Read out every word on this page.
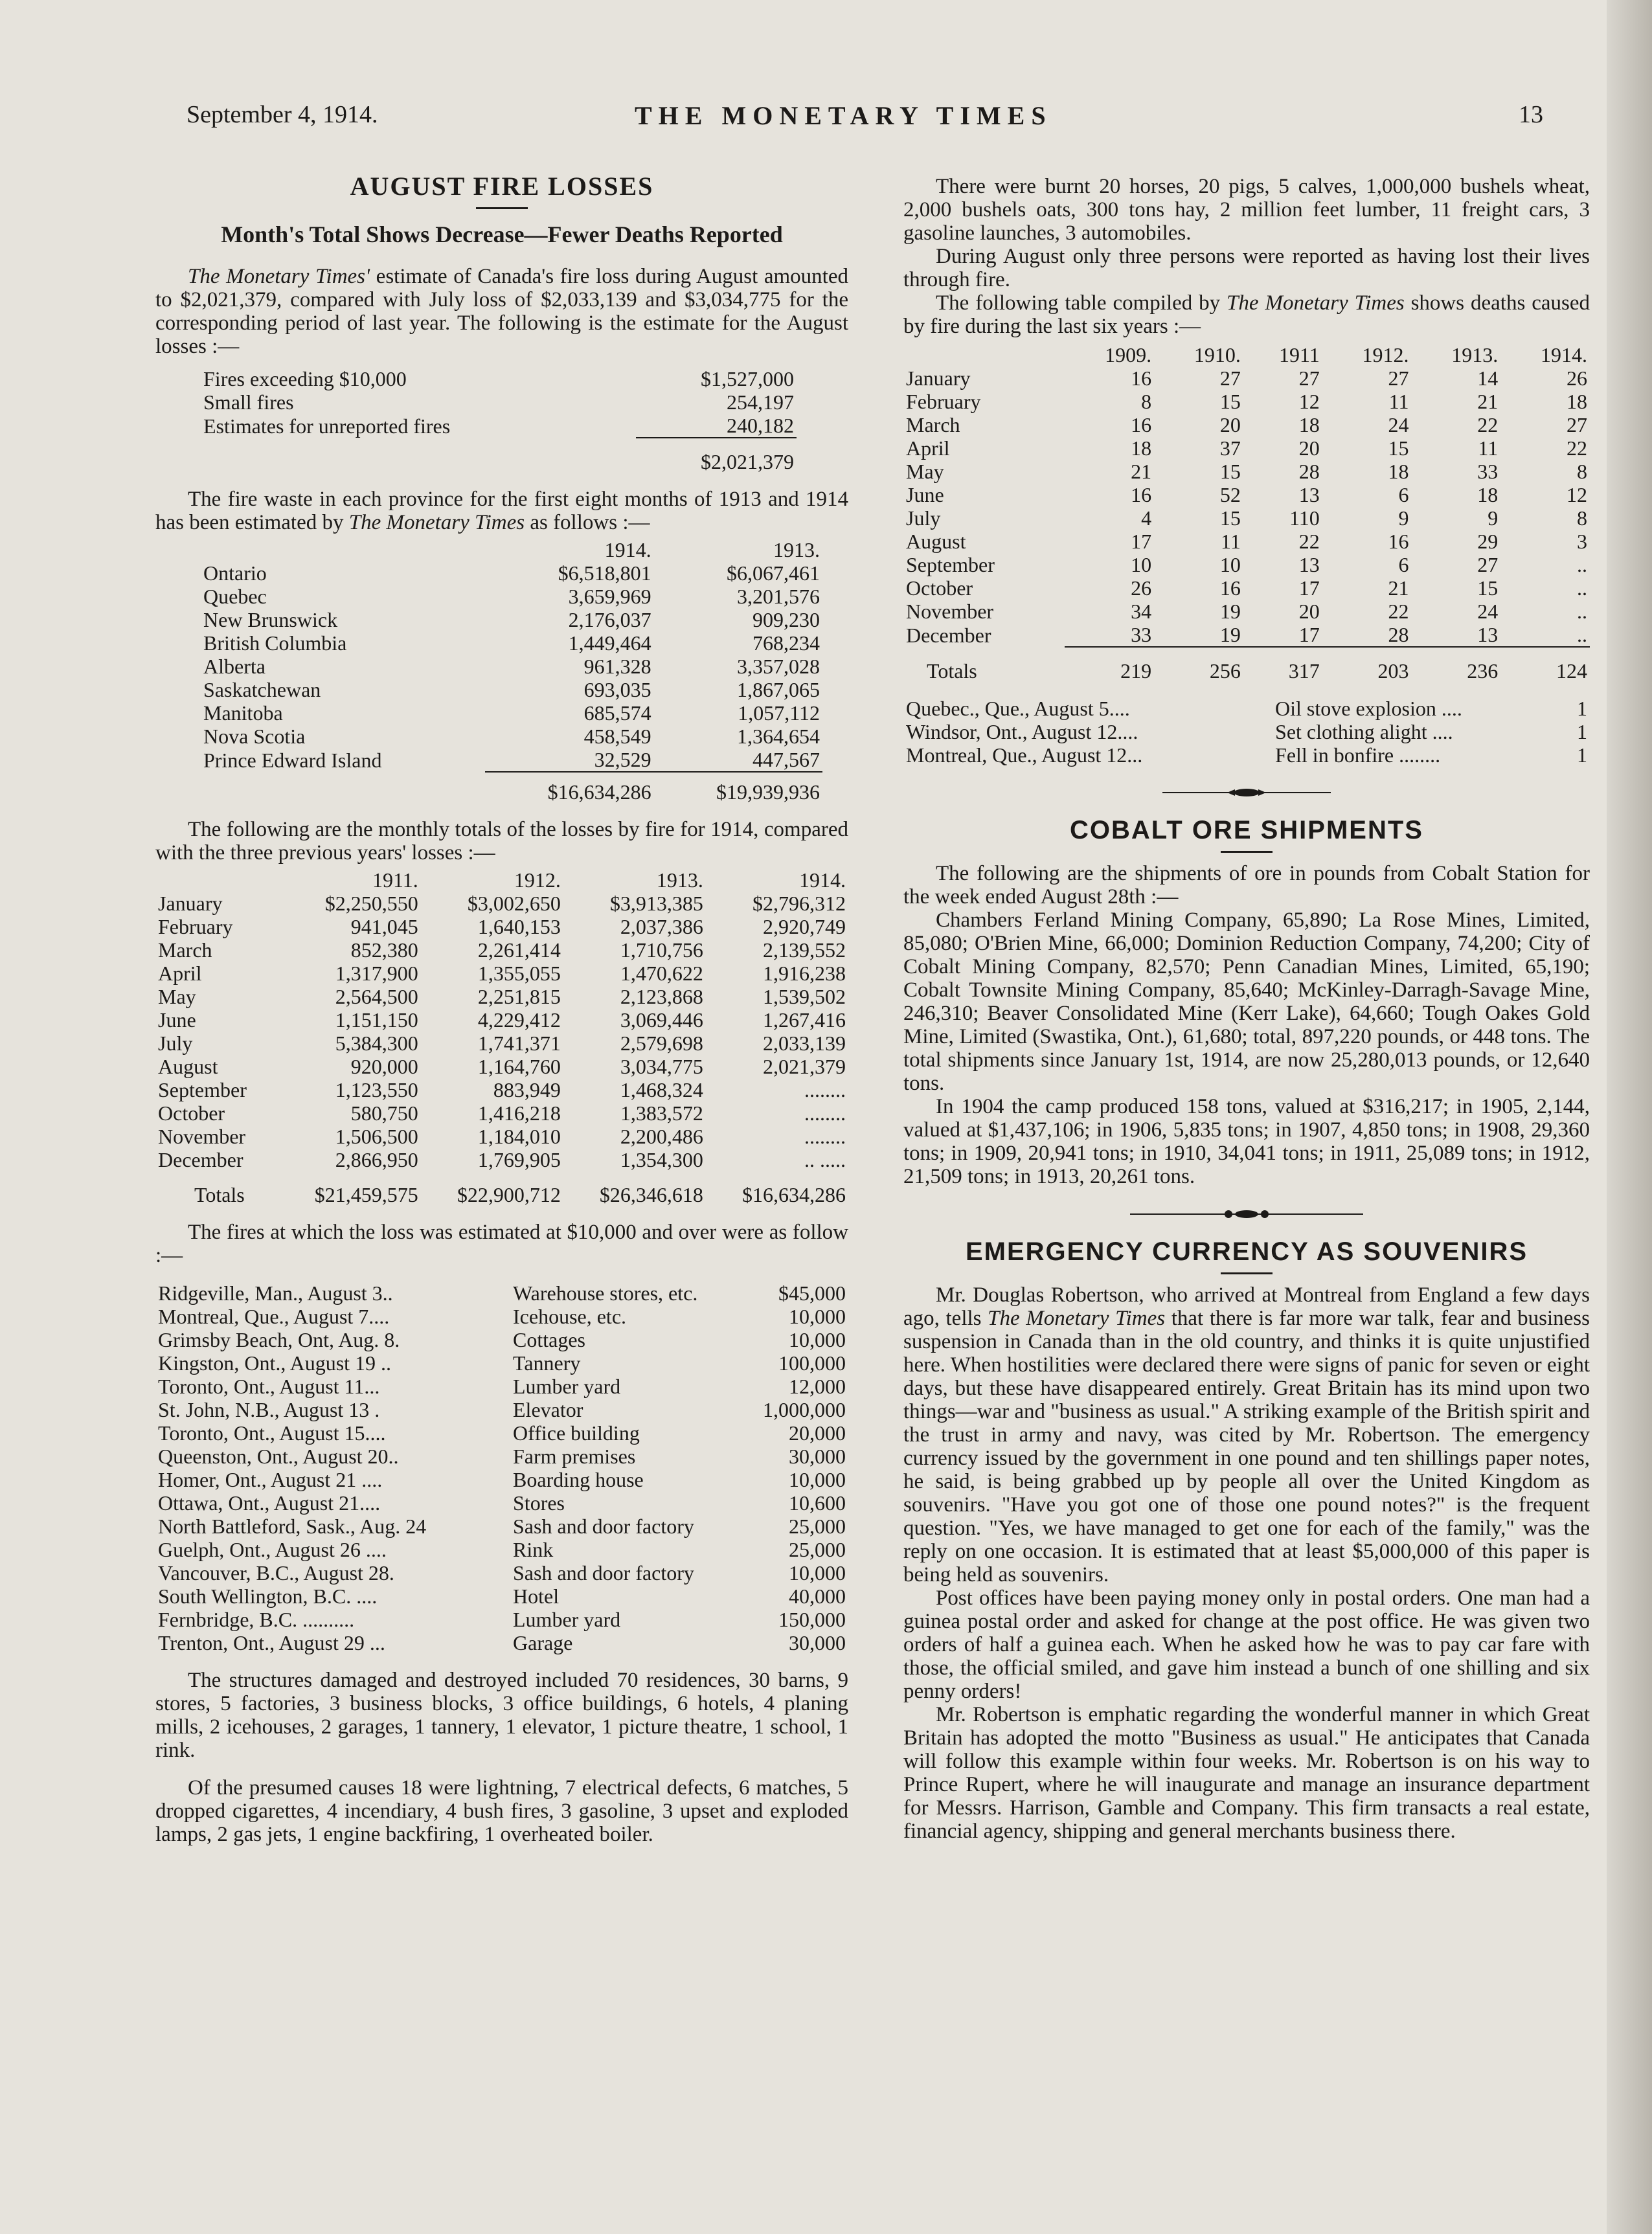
September 4, 1914.	THE MONETARY TIMES	13
AUGUST FIRE LOSSES
Month's Total Shows Decrease—Fewer Deaths Reported

The Monetary Times' estimate of Canada's fire loss during August amounted to $2,021,379, compared with July loss of $2,033,139 and $3,034,775 for the corresponding period of last year. The following is the estimate for the August losses :—

Fires exceeding $10,000	$1,527,000
Small fires	254,197
Estimates for unreported fires	240,182
	$2,021,379

The fire waste in each province for the first eight months of 1913 and 1914 has been estimated by The Monetary Times as follows :—

	1914.	1913.
Ontario	$6,518,801	$6,067,461
Quebec	3,659,969	3,201,576
New Brunswick	2,176,037	909,230
British Columbia	1,449,464	768,234
Alberta	961,328	3,357,028
Saskatchewan	693,035	1,867,065
Manitoba	685,574	1,057,112
Nova Scotia	458,549	1,364,654
Prince Edward Island	32,529	447,567
	$16,634,286	$19,939,936

The following are the monthly totals of the losses by fire for 1914, compared with the three previous years' losses :—

	1911.	1912.	1913.	1914.
January	$2,250,550	$3,002,650	$3,913,385	$2,796,312
February	941,045	1,640,153	2,037,386	2,920,749
March	852,380	2,261,414	1,710,756	2,139,552
April	1,317,900	1,355,055	1,470,622	1,916,238
May	2,564,500	2,251,815	2,123,868	1,539,502
June	1,151,150	4,229,412	3,069,446	1,267,416
July	5,384,300	1,741,371	2,579,698	2,033,139
August	920,000	1,164,760	3,034,775	2,021,379
September	1,123,550	883,949	1,468,324	........
October	580,750	1,416,218	1,383,572	........
November	1,506,500	1,184,010	2,200,486	........
December	2,866,950	1,769,905	1,354,300	.. .....
Totals	$21,459,575	$22,900,712	$26,346,618	$16,634,286

The fires at which the loss was estimated at $10,000 and over were as follow :—

Ridgeville, Man., August 3..	Warehouse stores, etc.	$45,000
Montreal, Que., August 7....	Icehouse, etc.	10,000
Grimsby Beach, Ont, Aug. 8.	Cottages	10,000
Kingston, Ont., August 19 ..	Tannery	100,000
Toronto, Ont., August 11...	Lumber yard	12,000
St. John, N.B., August 13 .	Elevator	1,000,000
Toronto, Ont., August 15....	Office building	20,000
Queenston, Ont., August 20..	Farm premises	30,000
Homer, Ont., August 21 ....	Boarding house	10,000
Ottawa, Ont., August 21....	Stores	10,600
North Battleford, Sask., Aug. 24	Sash and door factory	25,000
Guelph, Ont., August 26 ....	Rink	25,000
Vancouver, B.C., August 28.	Sash and door factory	10,000
South Wellington, B.C. ....	Hotel	40,000
Fernbridge, B.C. ..........	Lumber yard	150,000
Trenton, Ont., August 29 ...	Garage	30,000

The structures damaged and destroyed included 70 residences, 30 barns, 9 stores, 5 factories, 3 business blocks, 3 office buildings, 6 hotels, 4 planing mills, 2 icehouses, 2 garages, 1 tannery, 1 elevator, 1 picture theatre, 1 school, 1 rink.

Of the presumed causes 18 were lightning, 7 electrical defects, 6 matches, 5 dropped cigarettes, 4 incendiary, 4 bush fires, 3 gasoline, 3 upset and exploded lamps, 2 gas jets, 1 engine backfiring, 1 overheated boiler.

There were burnt 20 horses, 20 pigs, 5 calves, 1,000,000 bushels wheat, 2,000 bushels oats, 300 tons hay, 2 million feet lumber, 11 freight cars, 3 gasoline launches, 3 automobiles.

During August only three persons were reported as having lost their lives through fire.

The following table compiled by The Monetary Times shows deaths caused by fire during the last six years :—

	1909.	1910.	1911	1912.	1913.	1914.
January	16	27	27	27	14	26
February	8	15	12	11	21	18
March	16	20	18	24	22	27
April	18	37	20	15	11	22
May	21	15	28	18	33	8
June	16	52	13	6	18	12
July	4	15	110	9	9	8
August	17	11	22	16	29	3
September	10	10	13	6	27	..
October	26	16	17	21	15	..
November	34	19	20	22	24	..
December	33	19	17	28	13	..
Totals	219	256	317	203	236	124
Quebec., Que., August 5....	Oil stove explosion ....	1
Windsor, Ont., August 12....	Set clothing alight ....	1
Montreal, Que., August 12...	Fell in bonfire ........	1
COBALT ORE SHIPMENTS

The following are the shipments of ore in pounds from Cobalt Station for the week ended August 28th :—

Chambers Ferland Mining Company, 65,890; La Rose Mines, Limited, 85,080; O'Brien Mine, 66,000; Dominion Reduction Company, 74,200; City of Cobalt Mining Company, 82,570; Penn Canadian Mines, Limited, 65,190; Cobalt Townsite Mining Company, 85,640; McKinley-Darragh-Savage Mine, 246,310; Beaver Consolidated Mine (Kerr Lake), 64,660; Tough Oakes Gold Mine, Limited (Swastika, Ont.), 61,680; total, 897,220 pounds, or 448 tons. The total shipments since January 1st, 1914, are now 25,280,013 pounds, or 12,640 tons.

In 1904 the camp produced 158 tons, valued at $316,217; in 1905, 2,144, valued at $1,437,106; in 1906, 5,835 tons; in 1907, 4,850 tons; in 1908, 29,360 tons; in 1909, 20,941 tons; in 1910, 34,041 tons; in 1911, 25,089 tons; in 1912, 21,509 tons; in 1913, 20,261 tons.

EMERGENCY CURRENCY AS SOUVENIRS

Mr. Douglas Robertson, who arrived at Montreal from England a few days ago, tells The Monetary Times that there is far more war talk, fear and business suspension in Canada than in the old country, and thinks it is quite unjustified here. When hostilities were declared there were signs of panic for seven or eight days, but these have disappeared entirely. Great Britain has its mind upon two things—war and "business as usual." A striking example of the British spirit and the trust in army and navy, was cited by Mr. Robertson. The emergency currency issued by the government in one pound and ten shillings paper notes, he said, is being grabbed up by people all over the United Kingdom as souvenirs. "Have you got one of those one pound notes?" is the frequent question. "Yes, we have managed to get one for each of the family," was the reply on one occasion. It is estimated that at least $5,000,000 of this paper is being held as souvenirs.

Post offices have been paying money only in postal orders. One man had a guinea postal order and asked for change at the post office. He was given two orders of half a guinea each. When he asked how he was to pay car fare with those, the official smiled, and gave him instead a bunch of one shilling and six penny orders!

Mr. Robertson is emphatic regarding the wonderful manner in which Great Britain has adopted the motto "Business as usual." He anticipates that Canada will follow this example within four weeks. Mr. Robertson is on his way to Prince Rupert, where he will inaugurate and manage an insurance department for Messrs. Harrison, Gamble and Company. This firm transacts a real estate, financial agency, shipping and general merchants business there.
